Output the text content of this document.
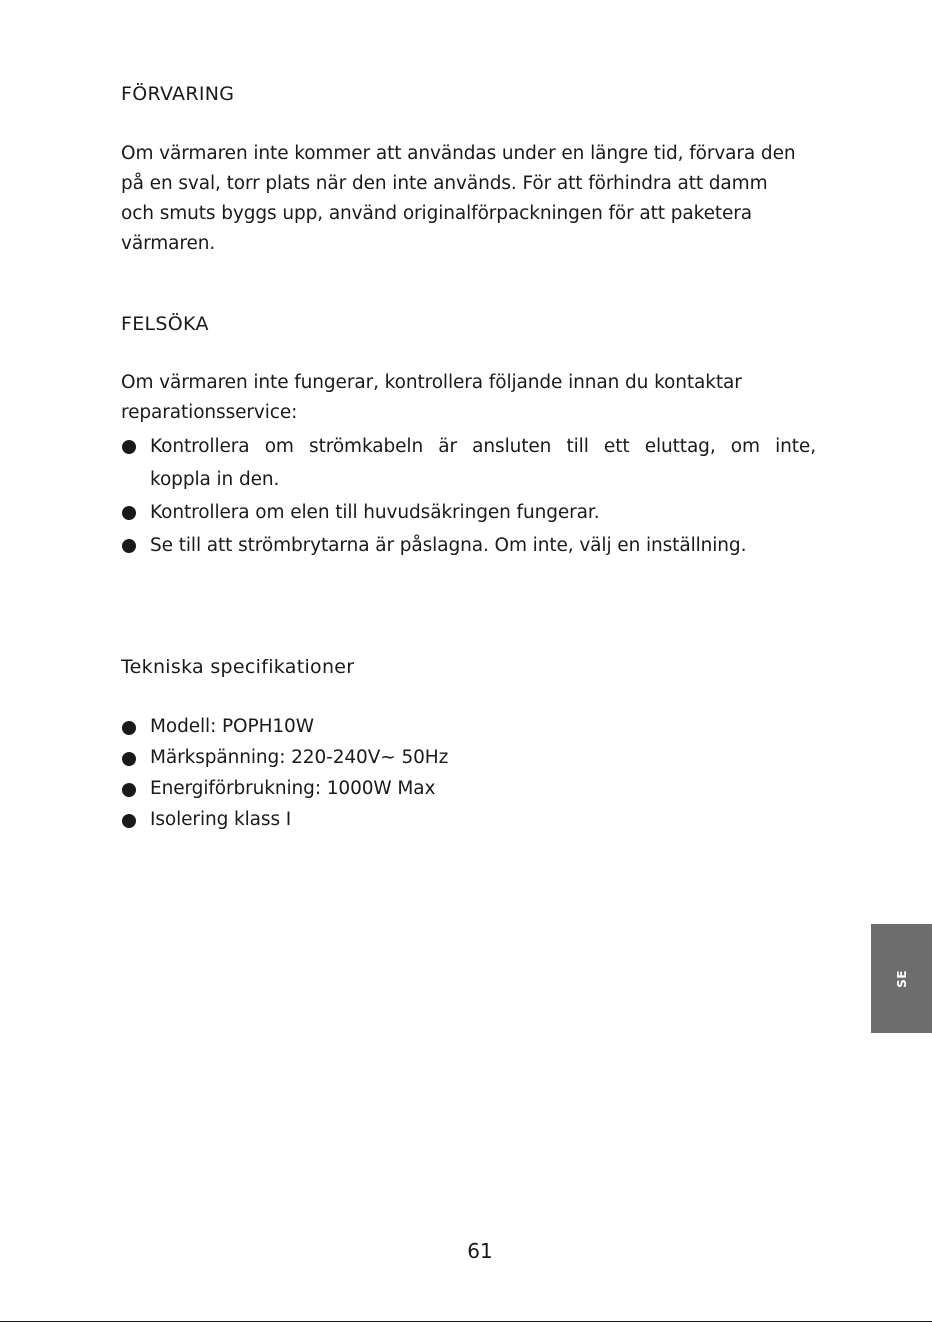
FÖRVARING

Om värmaren inte kommer att användas under en längre tid, förvara den
på en sval, torr plats när den inte används. För att förhindra att damm
och smuts byggs upp, använd originalförpackningen för att paketera
värmaren.

FELSÖKA

Om värmaren inte fungerar, kontrollera följande innan du kontaktar
reparationsservice:

Kontrollera om strömkabeln är ansluten till ett eluttag, om inte,
koppla in den.
Kontrollera om elen till huvudsäkringen fungerar.
Se till att strömbrytarna är påslagna. Om inte, välj en inställning.
Tekniska specifikationer
Modell: POPH10W
Märkspänning: 220-240V~ 50Hz
Energiförbrukning: 1000W Max
Isolering klass I
SE
61
